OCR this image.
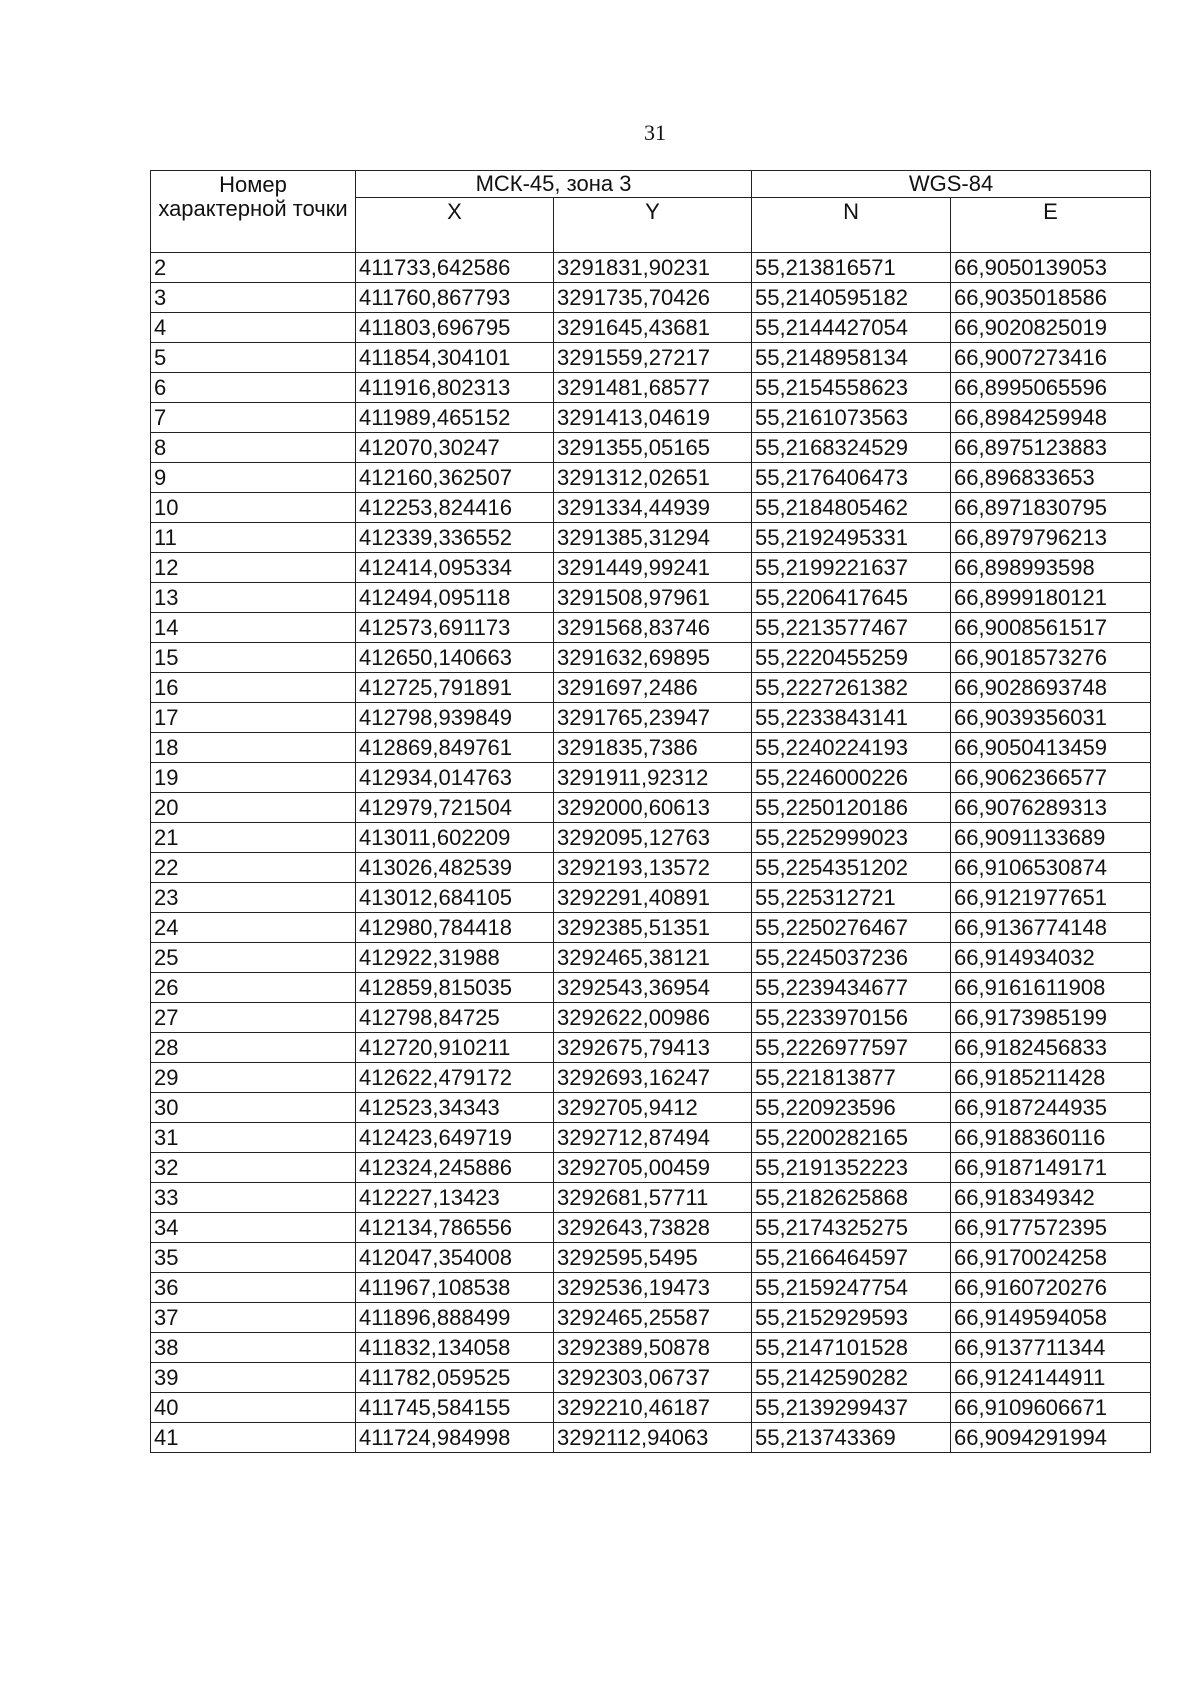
31
Номер характерной точки	МСК-45, зона 3		WGS-84	
	X	Y	N	E
2	411733,642586	3291831,90231	55,213816571	66,9050139053
3	411760,867793	3291735,70426	55,2140595182	66,9035018586
4	411803,696795	3291645,43681	55,2144427054	66,9020825019
5	411854,304101	3291559,27217	55,2148958134	66,9007273416
6	411916,802313	3291481,68577	55,2154558623	66,8995065596
7	411989,465152	3291413,04619	55,2161073563	66,8984259948
8	412070,30247	3291355,05165	55,2168324529	66,8975123883
9	412160,362507	3291312,02651	55,2176406473	66,896833653
10	412253,824416	3291334,44939	55,2184805462	66,8971830795
11	412339,336552	3291385,31294	55,2192495331	66,8979796213
12	412414,095334	3291449,99241	55,2199221637	66,898993598
13	412494,095118	3291508,97961	55,2206417645	66,8999180121
14	412573,691173	3291568,83746	55,2213577467	66,9008561517
15	412650,140663	3291632,69895	55,2220455259	66,9018573276
16	412725,791891	3291697,2486	55,2227261382	66,9028693748
17	412798,939849	3291765,23947	55,2233843141	66,9039356031
18	412869,849761	3291835,7386	55,2240224193	66,9050413459
19	412934,014763	3291911,92312	55,2246000226	66,9062366577
20	412979,721504	3292000,60613	55,2250120186	66,9076289313
21	413011,602209	3292095,12763	55,2252999023	66,9091133689
22	413026,482539	3292193,13572	55,2254351202	66,9106530874
23	413012,684105	3292291,40891	55,225312721	66,9121977651
24	412980,784418	3292385,51351	55,2250276467	66,9136774148
25	412922,31988	3292465,38121	55,2245037236	66,914934032
26	412859,815035	3292543,36954	55,2239434677	66,9161611908
27	412798,84725	3292622,00986	55,2233970156	66,9173985199
28	412720,910211	3292675,79413	55,2226977597	66,9182456833
29	412622,479172	3292693,16247	55,221813877	66,9185211428
30	412523,34343	3292705,9412	55,220923596	66,9187244935
31	412423,649719	3292712,87494	55,2200282165	66,9188360116
32	412324,245886	3292705,00459	55,2191352223	66,9187149171
33	412227,13423	3292681,57711	55,2182625868	66,918349342
34	412134,786556	3292643,73828	55,2174325275	66,9177572395
35	412047,354008	3292595,5495	55,2166464597	66,9170024258
36	411967,108538	3292536,19473	55,2159247754	66,9160720276
37	411896,888499	3292465,25587	55,2152929593	66,9149594058
38	411832,134058	3292389,50878	55,2147101528	66,9137711344
39	411782,059525	3292303,06737	55,2142590282	66,9124144911
40	411745,584155	3292210,46187	55,2139299437	66,9109606671
41	411724,984998	3292112,94063	55,213743369	66,9094291994
